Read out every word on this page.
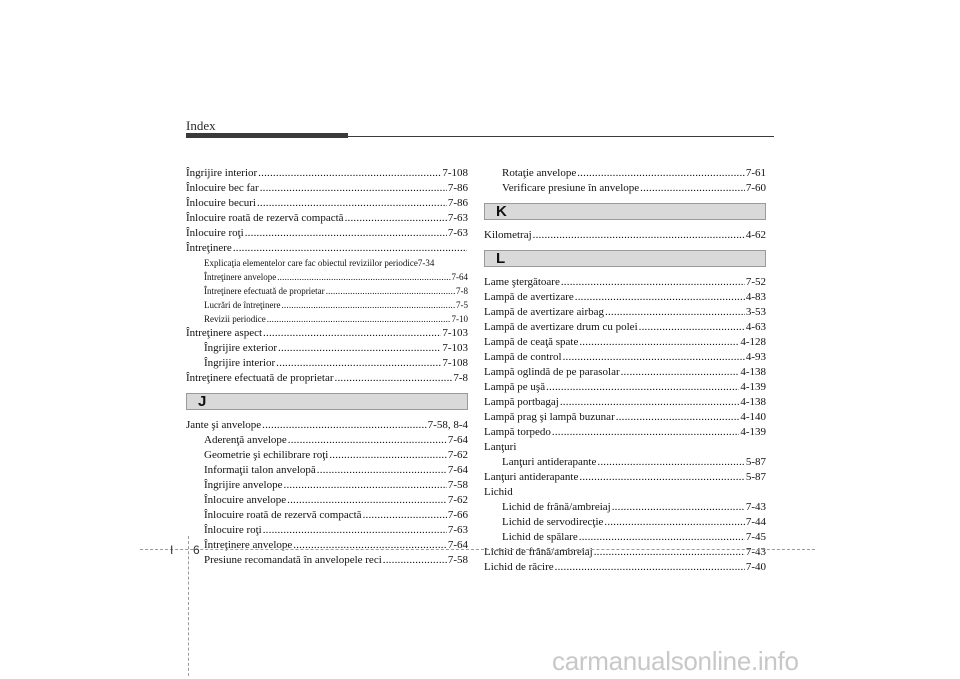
Index
Îngrijire interior .....	7-108
Înlocuire bec far .....	7-86
Înlocuire becuri .....	7-86
Înlocuire roată de rezervă compactă .....	7-63
Înlocuire roţi .....	7-63
Întreţinere
.....
Explicaţia elementelor care fac obiectul reviziilor periodice 7-34
Întreţinere anvelope .....	7-64
Întreţinere efectuată de proprietar .....	7-8
Lucrări de întreţinere .....	7-5
Revizii periodice .....	7-10
Întreţinere aspect .....	7-103
Îngrijire exterior .....	7-103
Îngrijire interior .....	7-108
Întreţinere efectuată de proprietar .....	7-8
J
Jante şi anvelope .....	7-58, 8-4
Aderenţă anvelope .....	7-64
Geometrie şi echilibrare roţi .....	7-62
Informaţii talon anvelopă .....	7-64
Îngrijire anvelope .....	7-58
Înlocuire anvelope .....	7-62
Înlocuire roată de rezervă compactă .....	7-66
Înlocuire roţi .....	7-63
Întreţinere anvelope .....	7-64
Presiune recomandată în anvelopele reci .....	7-58
Rotaţie anvelope .....	7-61
Verificare presiune în anvelope .....	7-60
K
Kilometraj .....	4-62
L
Lame ştergătoare .....	7-52
Lampă de avertizare .....	4-83
Lampă de avertizare airbag .....	3-53
Lampă de avertizare drum cu polei .....	4-63
Lampă de ceaţă spate .....	4-128
Lampă de control .....	4-93
Lampă oglindă de pe parasolar .....	4-138
Lampă pe uşă .....	4-139
Lampă portbagaj .....	4-138
Lampă prag şi lampă buzunar .....	4-140
Lampă torpedo .....	4-139
Lanţuri
Lanţuri antiderapante .....	5-87
Lanţuri antiderapante .....	5-87
Lichid
Lichid de frână/ambreiaj .....	7-43
Lichid de servodirecţie .....	7-44
Lichid de spălare .....	7-45
Lichid de frână/ambreiaj .....	7-43
Lichid de răcire .....	7-40
I 6
carmanualsonline.info
